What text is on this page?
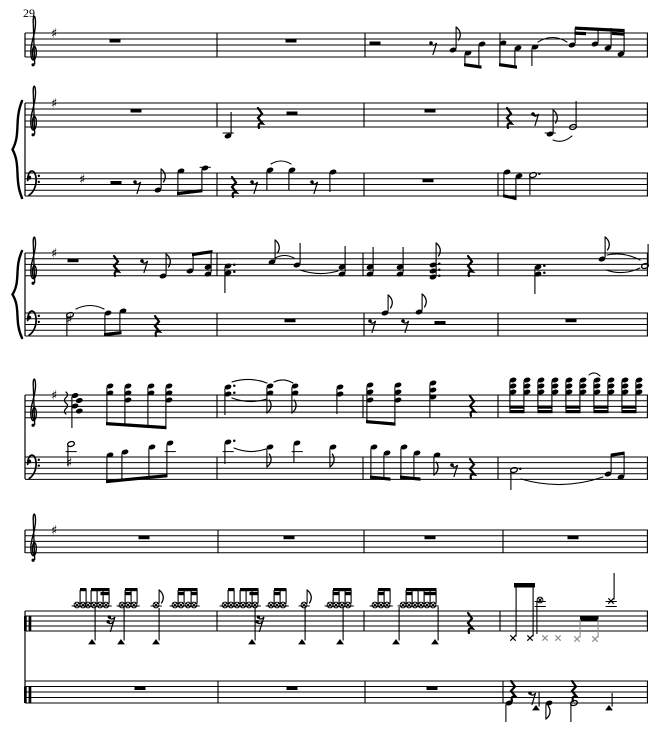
29
♯
♯
♯
♯
♯
♯
♯
♯
